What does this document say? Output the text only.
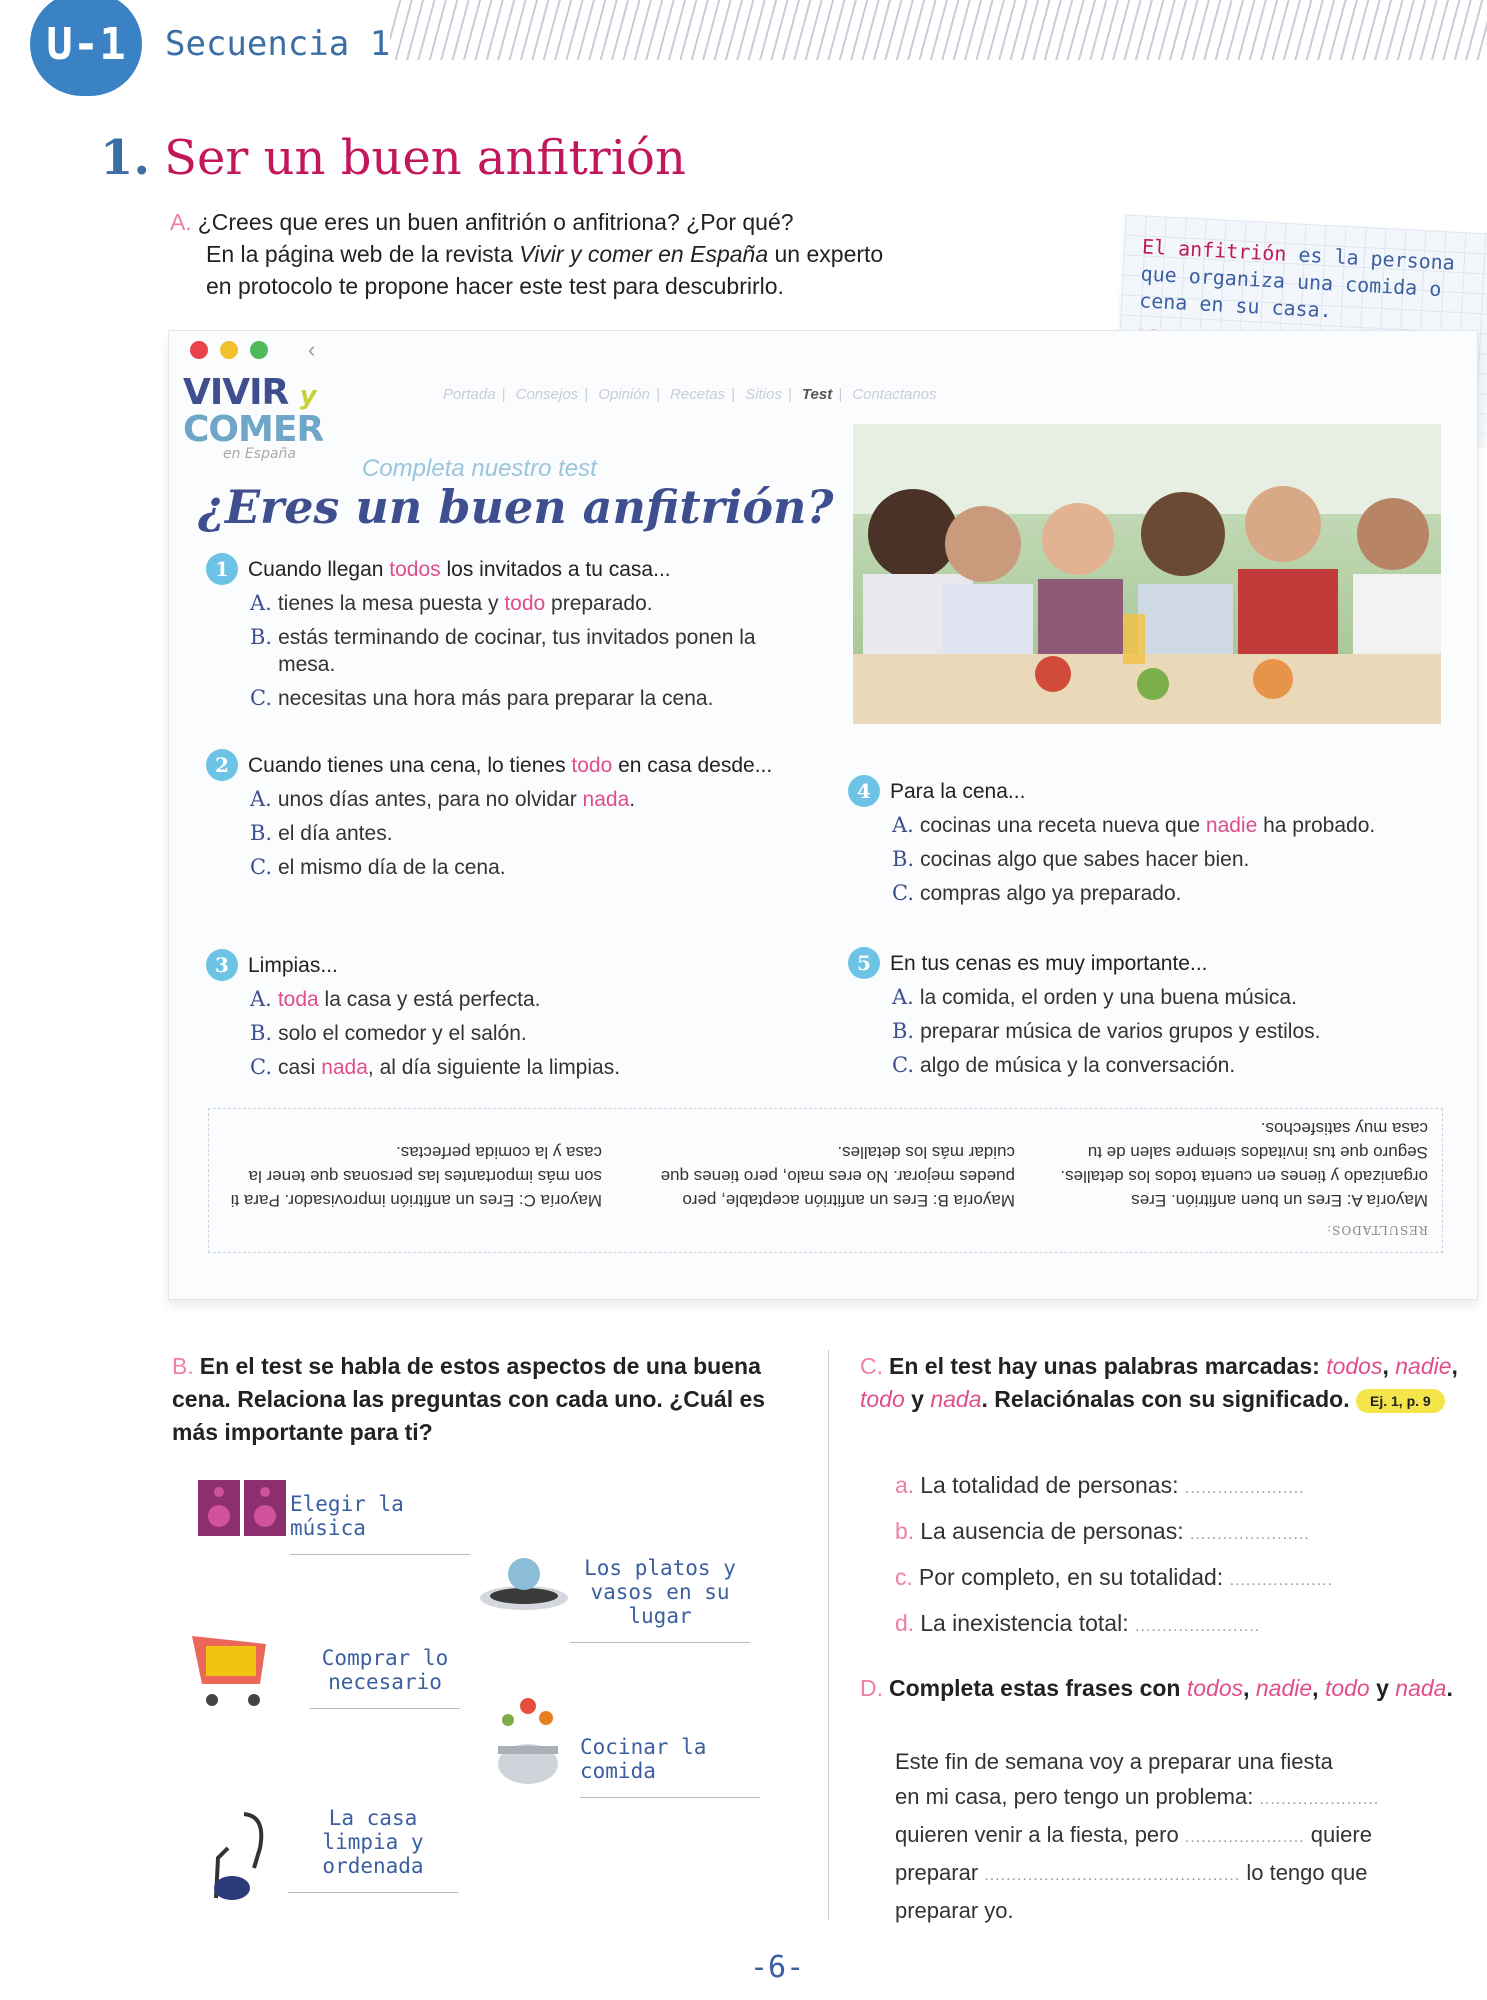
U-1	Secuencia 1
1. Ser un buen anfitrión
A. ¿Crees que eres un buen anfitrión o anfitriona? ¿Por qué?
En la página web de la revista Vivir y comer en España un experto
en protocolo te propone hacer este test para descubrirlo.
El anfitrión es la persona que organiza una comida o cena en su casa.
‹
VIVIR y
COMER
en España
Portada | Consejos | Opinión | Recetas | Sitios | Test | Contactanos
Completa nuestro test
¿Eres un buen anfitrión?
1 Cuando llegan todos los invitados a tu casa...
A. tienes la mesa puesta y todo preparado.
B. estás terminando de cocinar, tus invitados ponen la mesa.
C. necesitas una hora más para preparar la cena.
2 Cuando tienes una cena, lo tienes todo en casa desde...
A. unos días antes, para no olvidar nada.
B. el día antes.
C. el mismo día de la cena.
3 Limpias...
A. toda la casa y está perfecta.
B. solo el comedor y el salón.
C. casi nada, al día siguiente la limpias.
4 Para la cena...
A. cocinas una receta nueva que nadie ha probado.
B. cocinas algo que sabes hacer bien.
C. compras algo ya preparado.
5 En tus cenas es muy importante...
A. la comida, el orden y una buena música.
B. preparar música de varios grupos y estilos.
C. algo de música y la conversación.
RESULTADOS:
Mayoría A: Eres un buen anfitrión. Eres organizado y tienes en cuenta todos los detalles. Seguro que tus invitados siempre salen de tu casa muy satisfechos.
Mayoría B: Eres un anfitrión aceptable, pero puedes mejorar. No eres malo, pero tienes que cuidar más los detalles.
Mayoría C: Eres un anfitrión improvisador. Para ti son más importantes las personas que tener la casa y la comida perfectas.
B. En el test se habla de estos aspectos de una buena cena. Relaciona las preguntas con cada uno. ¿Cuál es más importante para ti?
Elegir la música
Los platos y vasos en su lugar
Comprar lo necesario
Cocinar la comida
La casa limpia y ordenada
C. En el test hay unas palabras marcadas: todos, nadie, todo y nada. Relaciónalas con su significado. Ej. 1, p. 9
a. La totalidad de personas: ......................
b. La ausencia de personas: ......................
c. Por completo, en su totalidad: ...................
d. La inexistencia total: .......................
D. Completa estas frases con todos, nadie, todo y nada.
Este fin de semana voy a preparar una fiesta
en mi casa, pero tengo un problema: ......................
quieren venir a la fiesta, pero ...................... quiere
preparar ............................................... lo tengo que
preparar yo.
-6-
